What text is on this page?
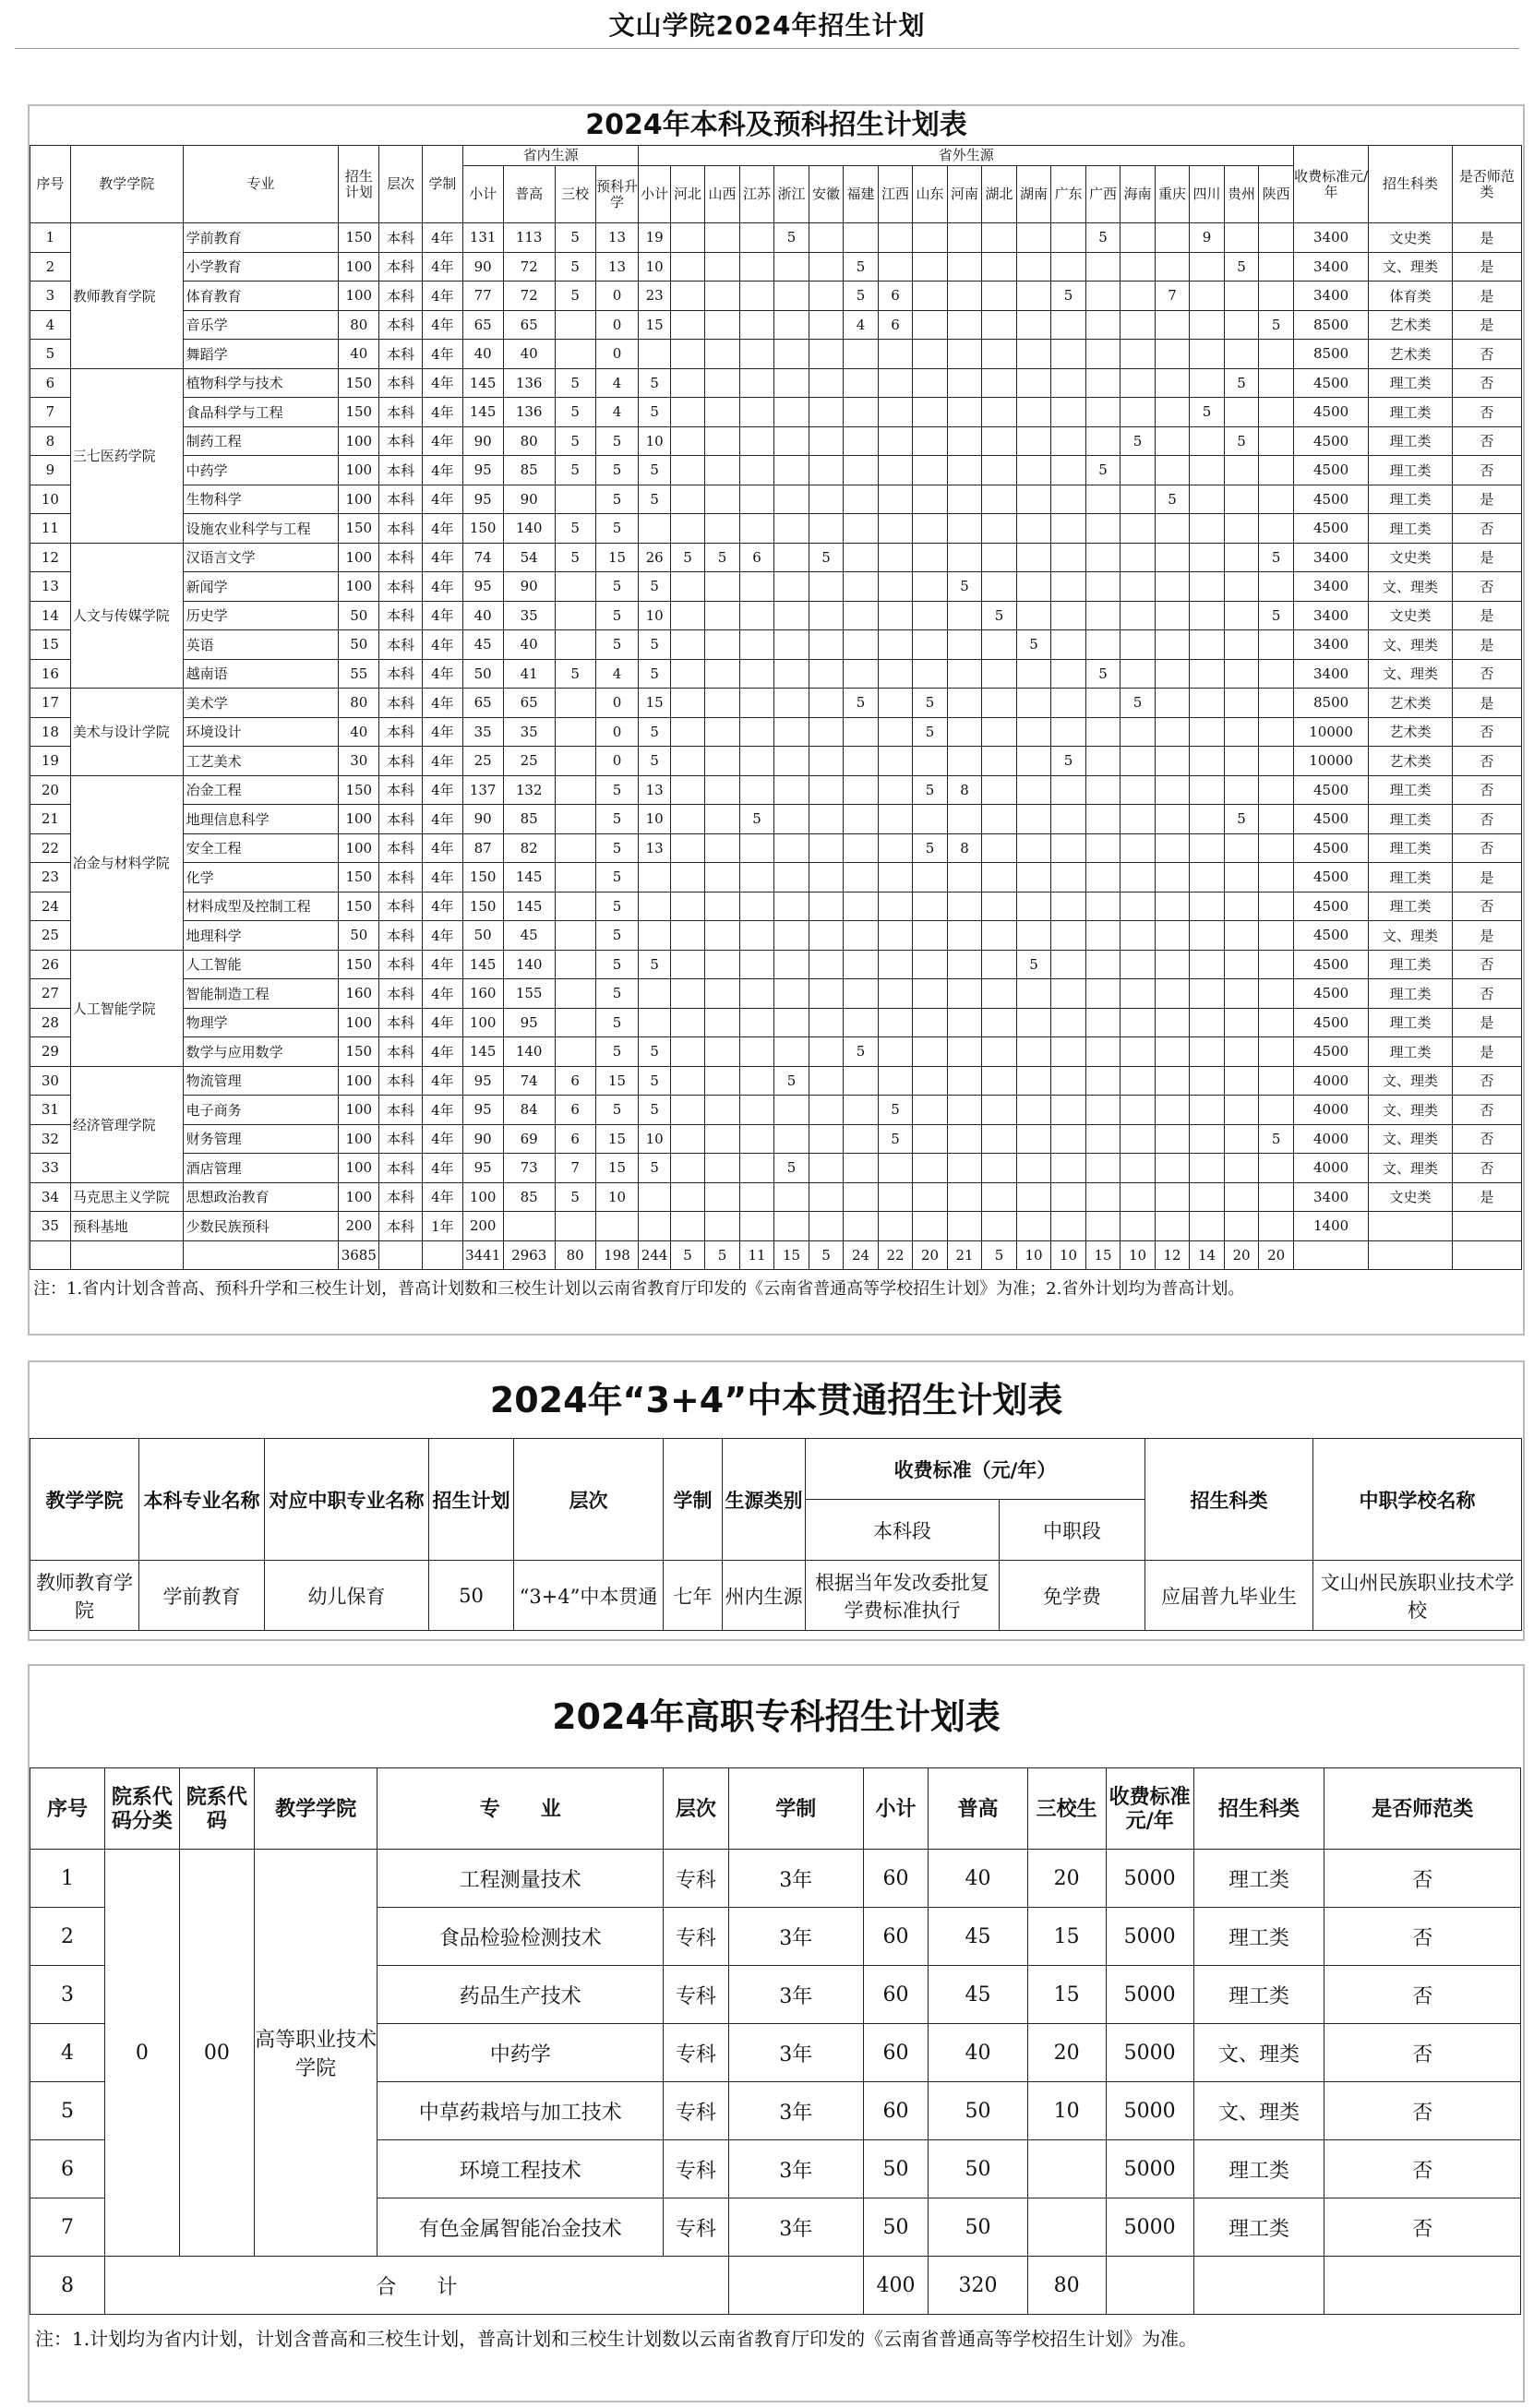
文山学院2024年招生计划
2024年本科及预科招生计划表
序号	教学学院	专业	招生计划	层次	学制	省内生源				省外生源																			收费标准元/年	招生科类	是否师范类
						小计	普高	三校	预科升学	小计	河北	山西	江苏	浙江	安徽	福建	江西	山东	河南	湖北	湖南	广东	广西	海南	重庆	四川	贵州	陕西			
1	教师教育学院	学前教育	150	本科	4年	131	113	5	13	19				5									5			9			3400	文史类	是
2		小学教育	100	本科	4年	90	72	5	13	10						5											5		3400	文、理类	是
3		体育教育	100	本科	4年	77	72	5	0	23						5	6					5			7				3400	体育类	是
4		音乐学	80	本科	4年	65	65		0	15						4	6											5	8500	艺术类	是
5		舞蹈学	40	本科	4年	40	40		0																				8500	艺术类	否
6	三七医药学院	植物科学与技术	150	本科	4年	145	136	5	4	5																	5		4500	理工类	否
7		食品科学与工程	150	本科	4年	145	136	5	4	5																5			4500	理工类	否
8		制药工程	100	本科	4年	90	80	5	5	10														5			5		4500	理工类	否
9		中药学	100	本科	4年	95	85	5	5	5													5						4500	理工类	否
10		生物科学	100	本科	4年	95	90		5	5															5				4500	理工类	是
11		设施农业科学与工程	150	本科	4年	150	140	5	5																				4500	理工类	否
12	人文与传媒学院	汉语言文学	100	本科	4年	74	54	5	15	26	5	5	6		5													5	3400	文史类	是
13		新闻学	100	本科	4年	95	90		5	5									5										3400	文、理类	否
14		历史学	50	本科	4年	40	35		5	10										5								5	3400	文史类	是
15		英语	50	本科	4年	45	40		5	5											5								3400	文、理类	是
16		越南语	55	本科	4年	50	41	5	4	5													5						3400	文、理类	否
17	美术与设计学院	美术学	80	本科	4年	65	65		0	15						5		5						5					8500	艺术类	是
18		环境设计	40	本科	4年	35	35		0	5								5											10000	艺术类	否
19		工艺美术	30	本科	4年	25	25		0	5												5							10000	艺术类	否
20	冶金与材料学院	冶金工程	150	本科	4年	137	132		5	13								5	8										4500	理工类	否
21		地理信息科学	100	本科	4年	90	85		5	10			5														5		4500	理工类	否
22		安全工程	100	本科	4年	87	82		5	13								5	8										4500	理工类	否
23		化学	150	本科	4年	150	145		5																				4500	理工类	是
24		材料成型及控制工程	150	本科	4年	150	145		5																				4500	理工类	否
25		地理科学	50	本科	4年	50	45		5																				4500	文、理类	是
26	人工智能学院	人工智能	150	本科	4年	145	140		5	5											5								4500	理工类	否
27		智能制造工程	160	本科	4年	160	155		5																				4500	理工类	否
28		物理学	100	本科	4年	100	95		5																				4500	理工类	是
29		数学与应用数学	150	本科	4年	145	140		5	5						5													4500	理工类	是
30	经济管理学院	物流管理	100	本科	4年	95	74	6	15	5				5															4000	文、理类	否
31		电子商务	100	本科	4年	95	84	6	5	5							5												4000	文、理类	否
32		财务管理	100	本科	4年	90	69	6	15	10							5											5	4000	文、理类	否
33		酒店管理	100	本科	4年	95	73	7	15	5				5															4000	文、理类	否
34	马克思主义学院	思想政治教育	100	本科	4年	100	85	5	10																				3400	文史类	是
35	预科基地	少数民族预科	200	本科	1年	200																							1400		
			3685			3441	2963	80	198	244	5	5	11	15	5	24	22	20	21	5	10	10	15	10	12	14	20	20			
注：1.省内计划含普高、预科升学和三校生计划，普高计划数和三校生计划以云南省教育厅印发的《云南省普通高等学校招生计划》为准；2.省外计划均为普高计划。
2024年“3+4”中本贯通招生计划表
教学学院	本科专业名称	对应中职专业名称	招生计划	层次	学制	生源类别	收费标准（元/年）		招生科类	中职学校名称
							本科段	中职段		
教师教育学院	学前教育	幼儿保育	50	“3+4”中本贯通	七年	州内生源	根据当年发改委批复学费标准执行	免学费	应届普九毕业生	文山州民族职业技术学校
2024年高职专科招生计划表
序号	院系代码分类	院系代码	教学学院	专　　业	层次	学制	小计	普高	三校生	收费标准元/年	招生科类	是否师范类
1	0	00	高等职业技术学院	工程测量技术	专科	3年	60	40	20	5000	理工类	否
2				食品检验检测技术	专科	3年	60	45	15	5000	理工类	否
3				药品生产技术	专科	3年	60	45	15	5000	理工类	否
4				中药学	专科	3年	60	40	20	5000	文、理类	否
5				中草药栽培与加工技术	专科	3年	60	50	10	5000	文、理类	否
6				环境工程技术	专科	3年	50	50		5000	理工类	否
7				有色金属智能冶金技术	专科	3年	50	50		5000	理工类	否
8	合　　计						400	320	80			
注：1.计划均为省内计划，计划含普高和三校生计划，普高计划和三校生计划数以云南省教育厅印发的《云南省普通高等学校招生计划》为准。
